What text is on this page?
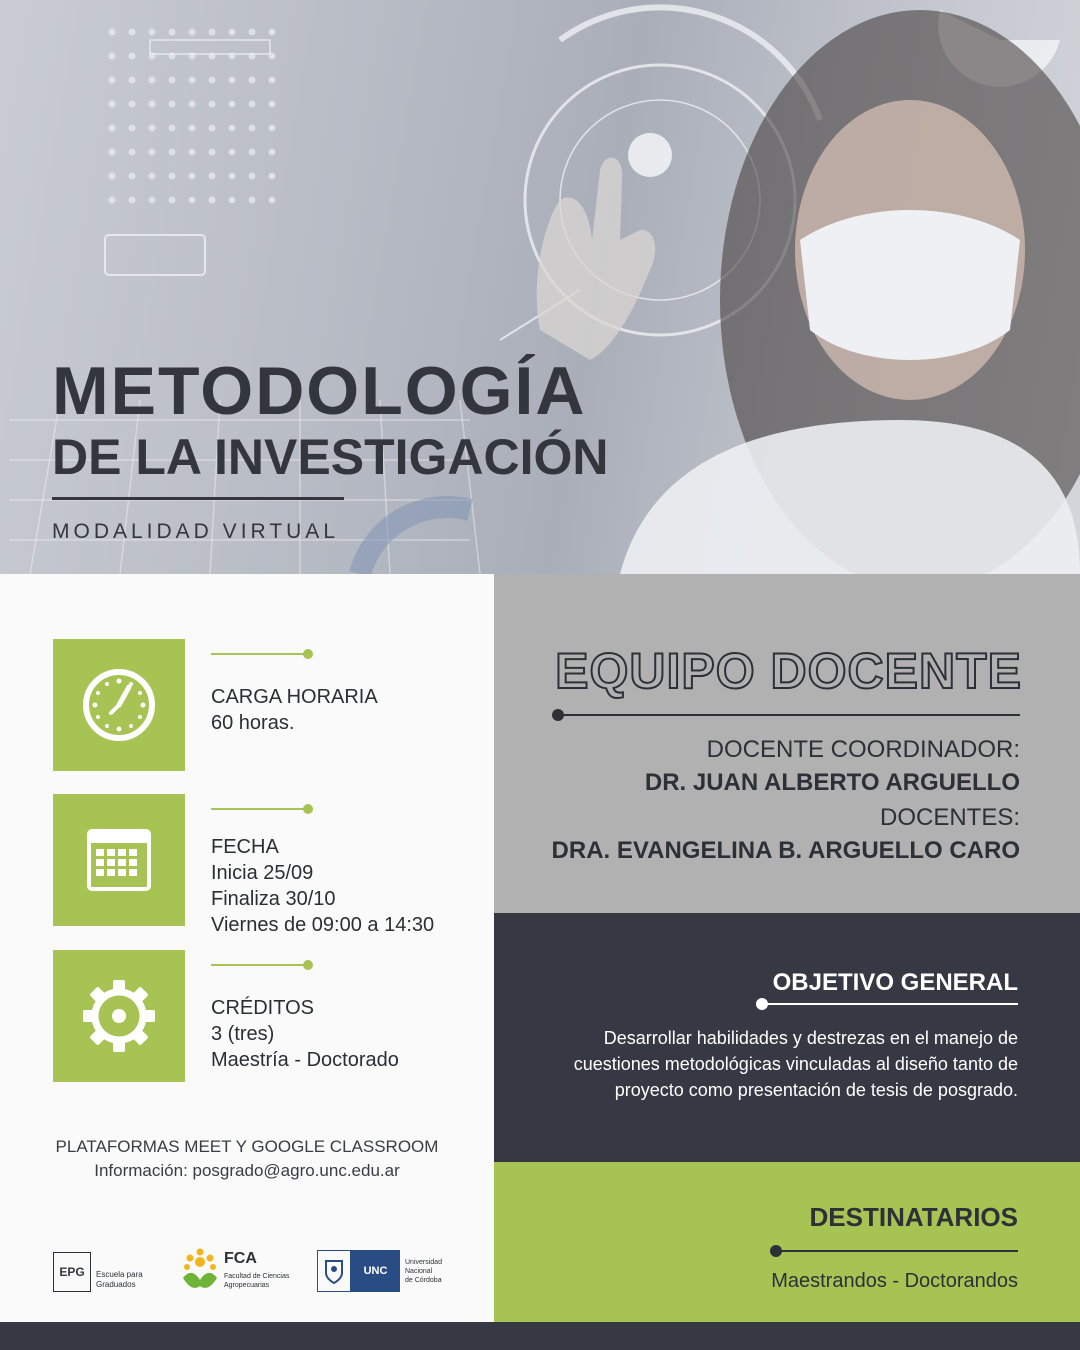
METODOLOGÍA
DE LA INVESTIGACIÓN
MODALIDAD VIRTUAL
CARGA HORARIA
60 horas.
FECHA
Inicia 25/09
Finaliza 30/10
Viernes de 09:00 a 14:30
CRÉDITOS
3 (tres)
Maestría - Doctorado
PLATAFORMAS MEET Y GOOGLE CLASSROOM
Información: posgrado@agro.unc.edu.ar
EPG	Escuela para
Graduados
FCA
Facultad de Ciencias
Agropecuarias
UNC
Universidad
Nacional
de Córdoba
EQUIPO DOCENTE
DOCENTE COORDINADOR:
DR. JUAN ALBERTO ARGUELLO
DOCENTES:
DRA. EVANGELINA B. ARGUELLO CARO
OBJETIVO GENERAL
Desarrollar habilidades y destrezas en el manejo de cuestiones metodológicas vinculadas al diseño tanto de proyecto como presentación de tesis de posgrado.
DESTINATARIOS
Maestrandos - Doctorandos
